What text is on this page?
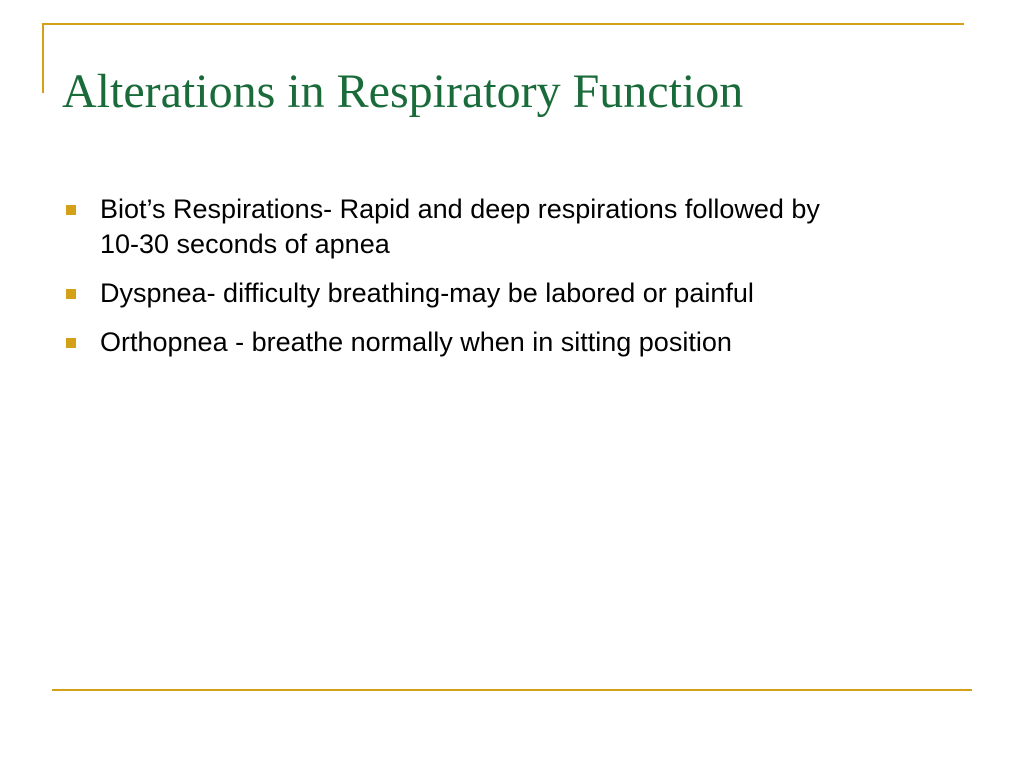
Alterations in Respiratory Function
Biot’s Respirations- Rapid and deep respirations followed by 10-30 seconds of apnea
Dyspnea- difficulty breathing-may be labored or painful
Orthopnea - breathe normally when in sitting position
